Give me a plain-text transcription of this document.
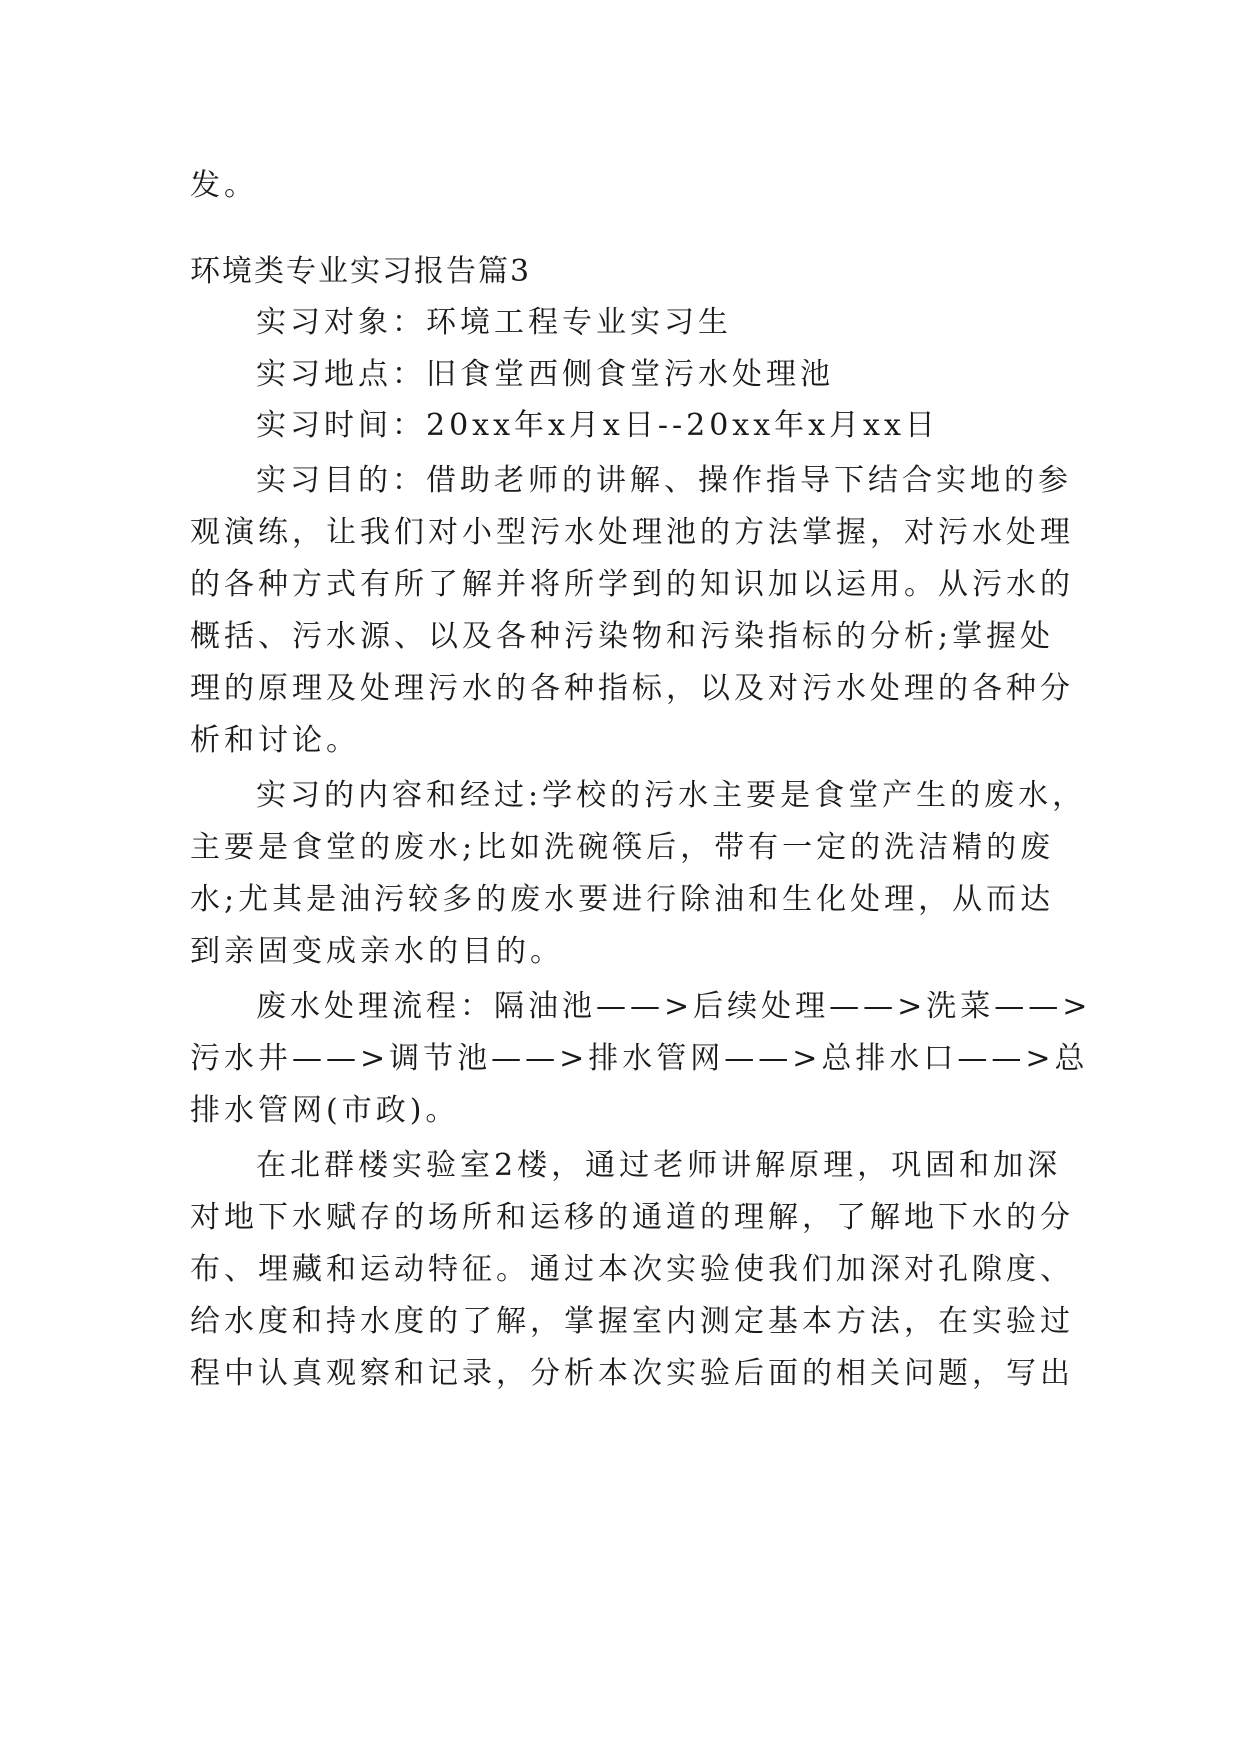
发。
环境类专业实习报告篇3
实习对象：环境工程专业实习生
实习地点：旧食堂西侧食堂污水处理池
实习时间：20xx年x月x日--20xx年x月xx日
实习目的：借助老师的讲解、操作指导下结合实地的参
观演练，让我们对小型污水处理池的方法掌握，对污水处理
的各种方式有所了解并将所学到的知识加以运用。从污水的
概括、污水源、以及各种污染物和污染指标的分析;掌握处
理的原理及处理污水的各种指标，以及对污水处理的各种分
析和讨论。
实习的内容和经过:学校的污水主要是食堂产生的废水，
主要是食堂的废水;比如洗碗筷后，带有一定的洗洁精的废
水;尤其是油污较多的废水要进行除油和生化处理，从而达
到亲固变成亲水的目的。
废水处理流程：隔油池——>后续处理——>洗菜——>
污水井——>调节池——>排水管网——>总排水口——>总
排水管网(市政)。
在北群楼实验室2楼，通过老师讲解原理，巩固和加深
对地下水赋存的场所和运移的通道的理解，了解地下水的分
布、埋藏和运动特征。通过本次实验使我们加深对孔隙度、
给水度和持水度的了解，掌握室内测定基本方法，在实验过
程中认真观察和记录，分析本次实验后面的相关问题，写出
